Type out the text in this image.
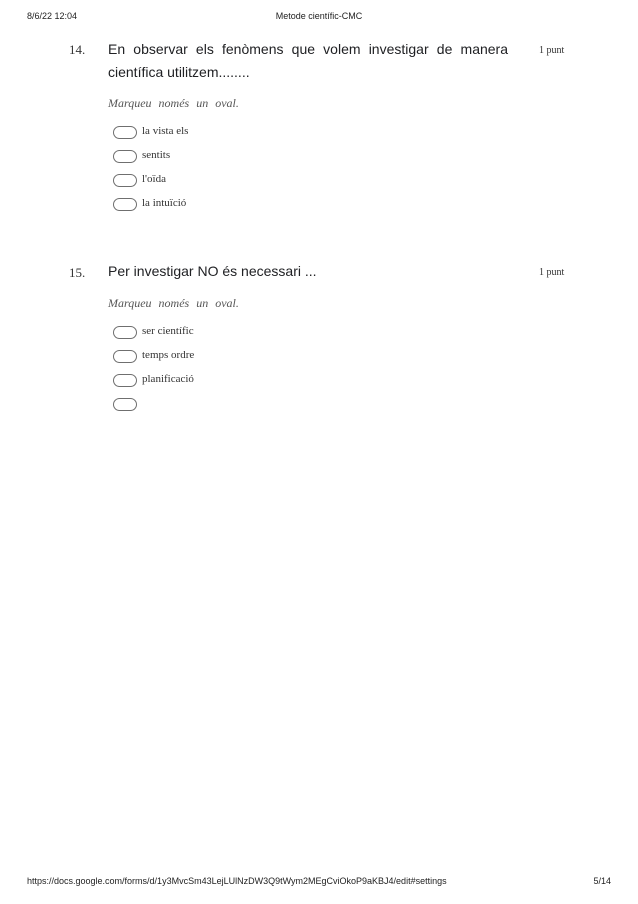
8/6/22 12:04	Metode científic-CMC
14. En observar els fenòmens que volem investigar de manera científica utilitzem........
1 punt
Marqueu només un oval.
la vista els
sentits
l'oïda
la intuïció
15. Per investigar NO és necessari ...	1 punt
Marqueu només un oval.
ser científic
temps ordre
planificació
https://docs.google.com/forms/d/1y3MvcSm43LejLUlNzDW3Q9tWym2MEgCviOkoP9aKBJ4/edit#settings	5/14
